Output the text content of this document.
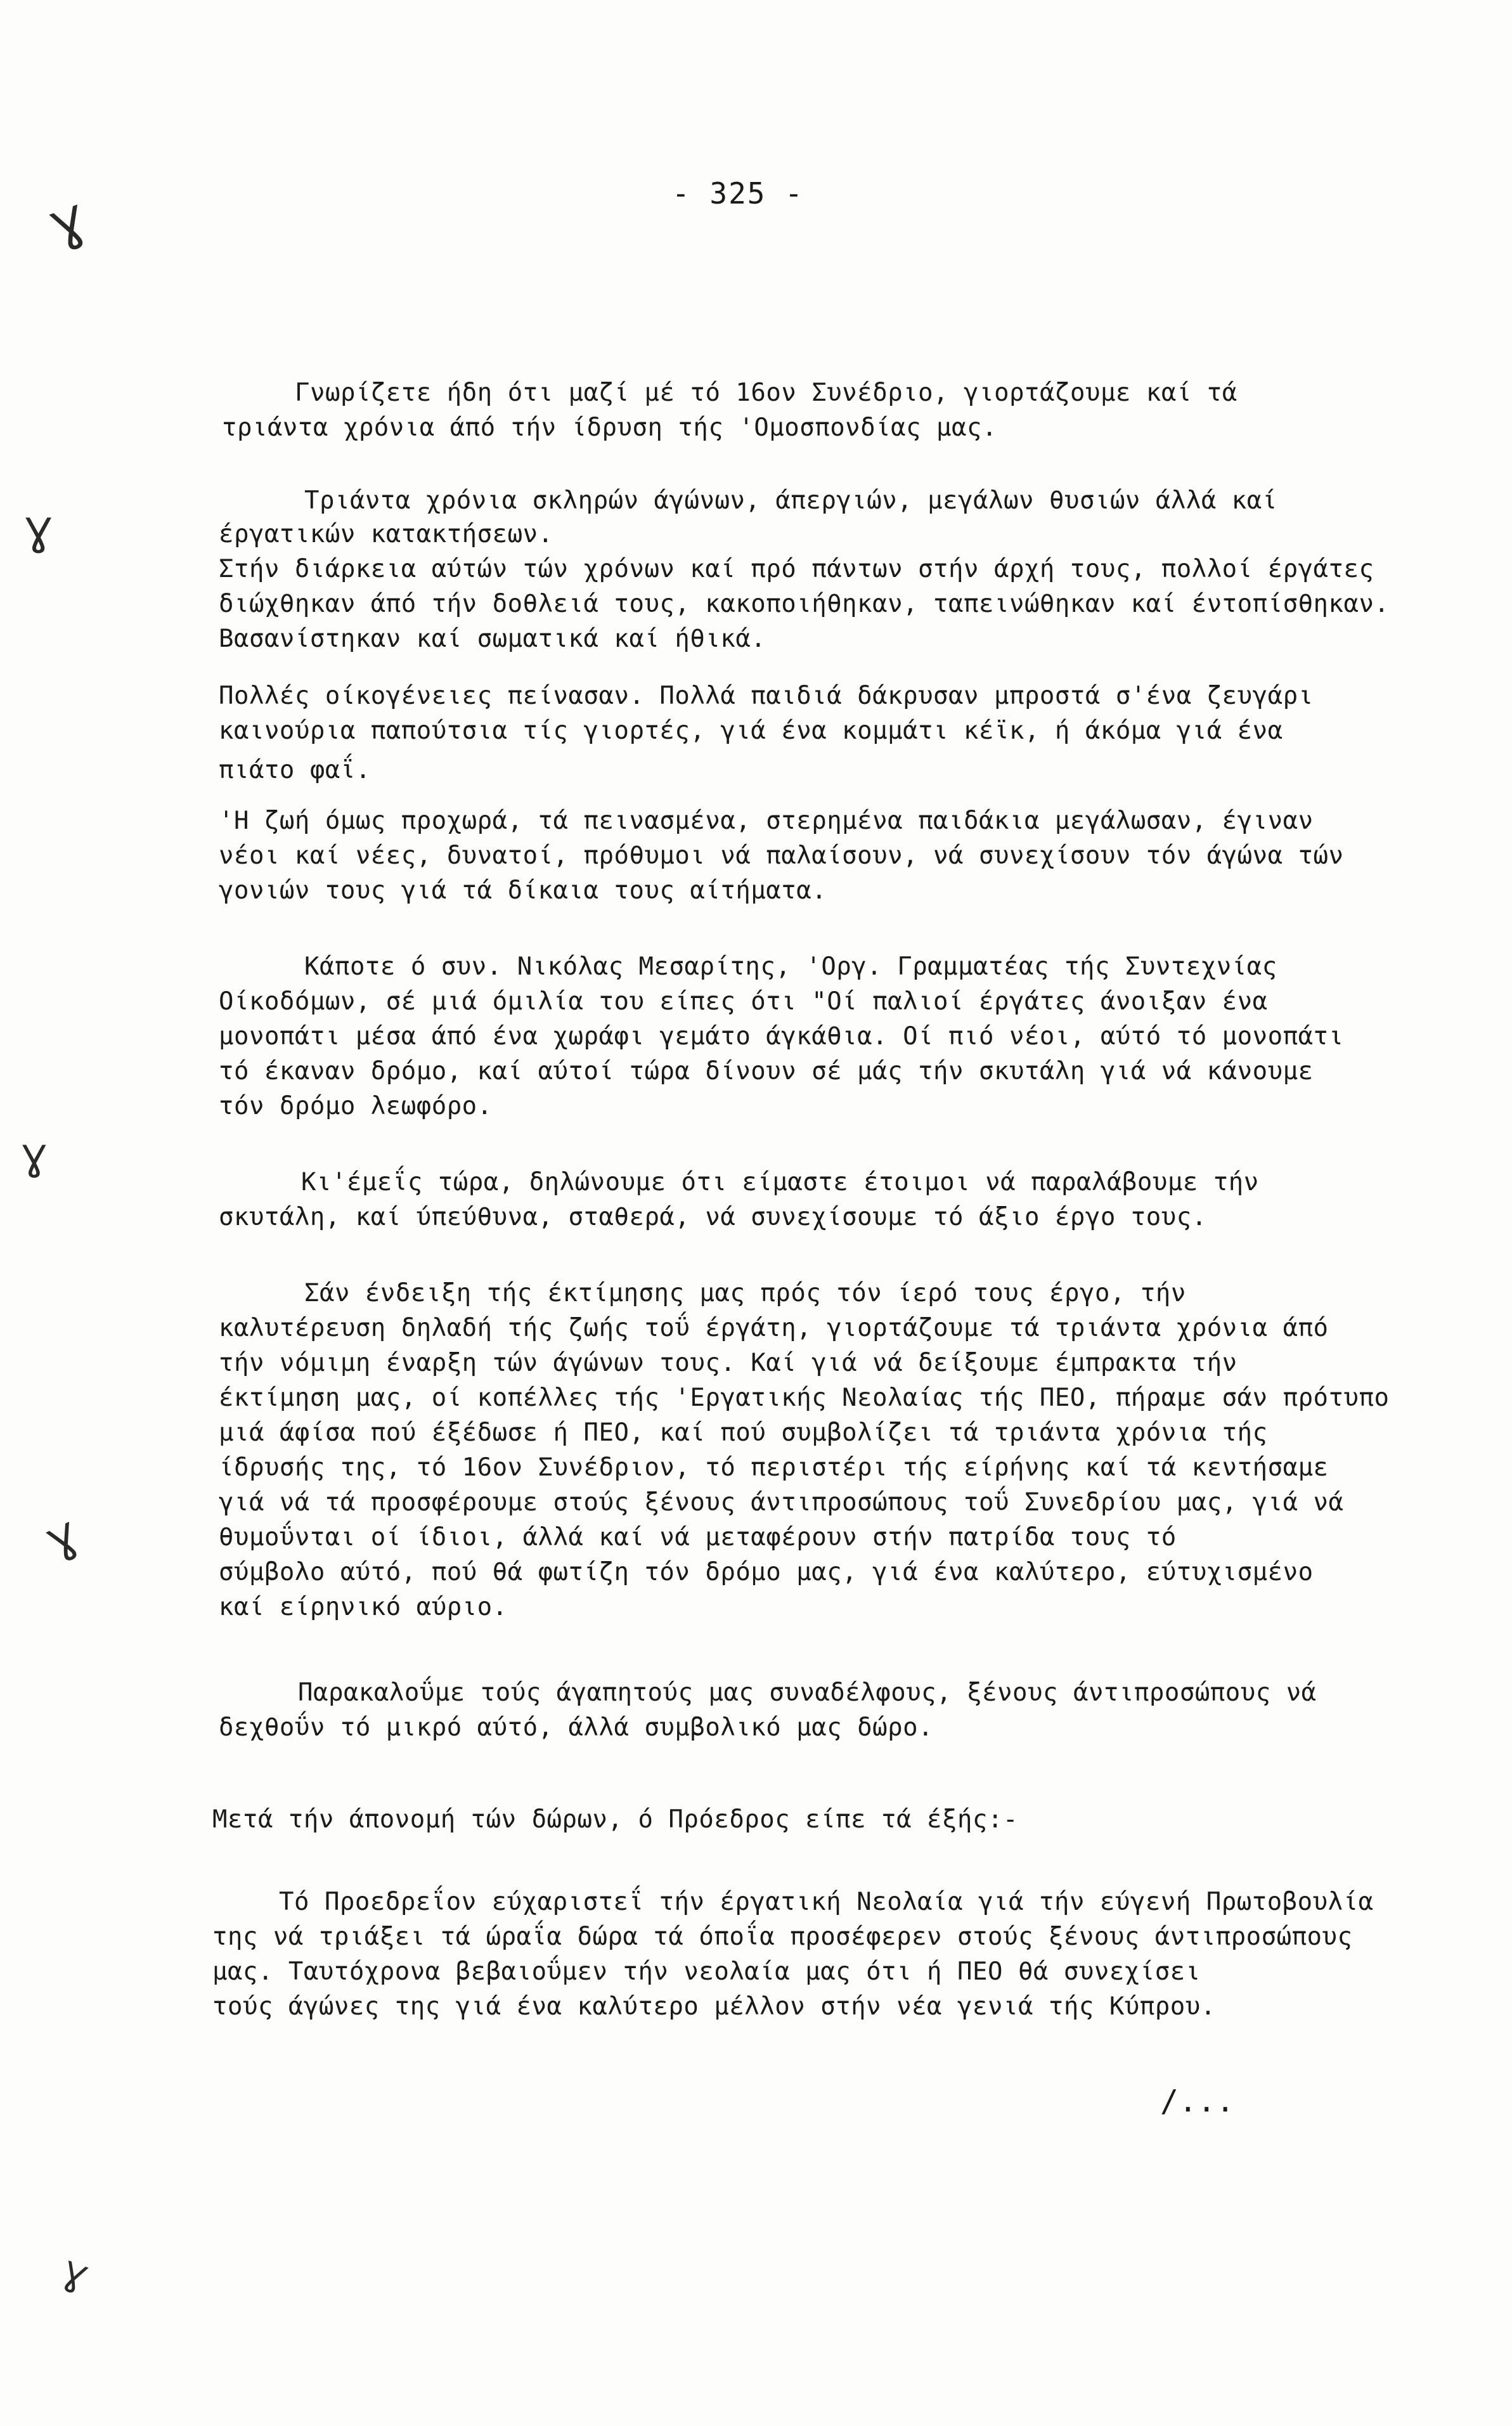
- 325 -
Ɣ
Ɣ
Ɣ
Ɣ
Ɣ
Γνωρίζετε ήδη ότι μαζί μέ τό 16ον Συνέδριο, γιορτάζουμε καί τά
τριάντα χρόνια άπό τήν ίδρυση τής 'Ομοσπονδίας μας.
Τριάντα χρόνια σκληρών άγώνων, άπεργιών, μεγάλων θυσιών άλλά καί
έργατικών κατακτήσεων.
Στήν διάρκεια αύτών τών χρόνων καί πρό πάντων στήν άρχή τους, πολλοί έργάτες
διώχθηκαν άπό τήν δοθλειά τους, κακοποιήθηκαν, ταπεινώθηκαν καί έντοπίσθηκαν.
Βασανίστηκαν καί σωματικά καί ήθικά.
Πολλές οίκογένειες πείνασαν. Πολλά παιδιά δάκρυσαν μπροστά σ'ένα ζευγάρι
καινούρια παπούτσια τίς γιορτές, γιά ένα κομμάτι κέϊκ, ή άκόμα γιά ένα
πιάτο φαΐ.
'Η ζωή όμως προχωρά, τά πεινασμένα, στερημένα παιδάκια μεγάλωσαν, έγιναν
νέοι καί νέες, δυνατοί, πρόθυμοι νά παλαίσουν, νά συνεχίσουν τόν άγώνα τών
γονιών τους γιά τά δίκαια τους αίτήματα.
Κάποτε ό συν. Νικόλας Μεσαρίτης, 'Οργ. Γραμματέας τής Συντεχνίας
Οίκοδόμων, σέ μιά όμιλία του είπες ότι "Οί παλιοί έργάτες άνοιξαν ένα
μονοπάτι μέσα άπό ένα χωράφι γεμάτο άγκάθια. Οί πιό νέοι, αύτό τό μονοπάτι
τό έκαναν δρόμο, καί αύτοί τώρα δίνουν σέ μάς τήν σκυτάλη γιά νά κάνουμε
τόν δρόμο λεωφόρο.
Κι'έμεΐς τώρα, δηλώνουμε ότι είμαστε έτοιμοι νά παραλάβουμε τήν
σκυτάλη, καί ύπεύθυνα, σταθερά, νά συνεχίσουμε τό άξιο έργο τους.
Σάν ένδειξη τής έκτίμησης μας πρός τόν ίερό τους έργο, τήν
καλυτέρευση δηλαδή τής ζωής τοΰ έργάτη, γιορτάζουμε τά τριάντα χρόνια άπό
τήν νόμιμη έναρξη τών άγώνων τους. Καί γιά νά δείξουμε έμπρακτα τήν
έκτίμηση μας, οί κοπέλλες τής 'Εργατικής Νεολαίας τής ΠΕΟ, πήραμε σάν πρότυπο
μιά άφίσα πού έξέδωσε ή ΠΕΟ, καί πού συμβολίζει τά τριάντα χρόνια τής
ίδρυσής της, τό 16ον Συνέδριον, τό περιστέρι τής είρήνης καί τά κεντήσαμε
γιά νά τά προσφέρουμε στούς ξένους άντιπροσώπους τοΰ Συνεδρίου μας, γιά νά
θυμοΰνται οί ίδιοι, άλλά καί νά μεταφέρουν στήν πατρίδα τους τό
σύμβολο αύτό, πού θά φωτίζη τόν δρόμο μας, γιά ένα καλύτερο, εύτυχισμένο
καί είρηνικό αύριο.
Παρακαλοΰμε τούς άγαπητούς μας συναδέλφους, ξένους άντιπροσώπους νά
δεχθοΰν τό μικρό αύτό, άλλά συμβολικό μας δώρο.
Μετά τήν άπονομή τών δώρων, ό Πρόεδρος είπε τά έξής:-
Τό Προεδρεΐον εύχαριστεΐ τήν έργατική Νεολαία γιά τήν εύγενή Πρωτοβουλία
της νά τριάξει τά ώραΐα δώρα τά όποΐα προσέφερεν στούς ξένους άντιπροσώπους
μας. Ταυτόχρονα βεβαιοΰμεν τήν νεολαία μας ότι ή ΠΕΟ θά συνεχίσει
τούς άγώνες της γιά ένα καλύτερο μέλλον στήν νέα γενιά τής Κύπρου.
/...
